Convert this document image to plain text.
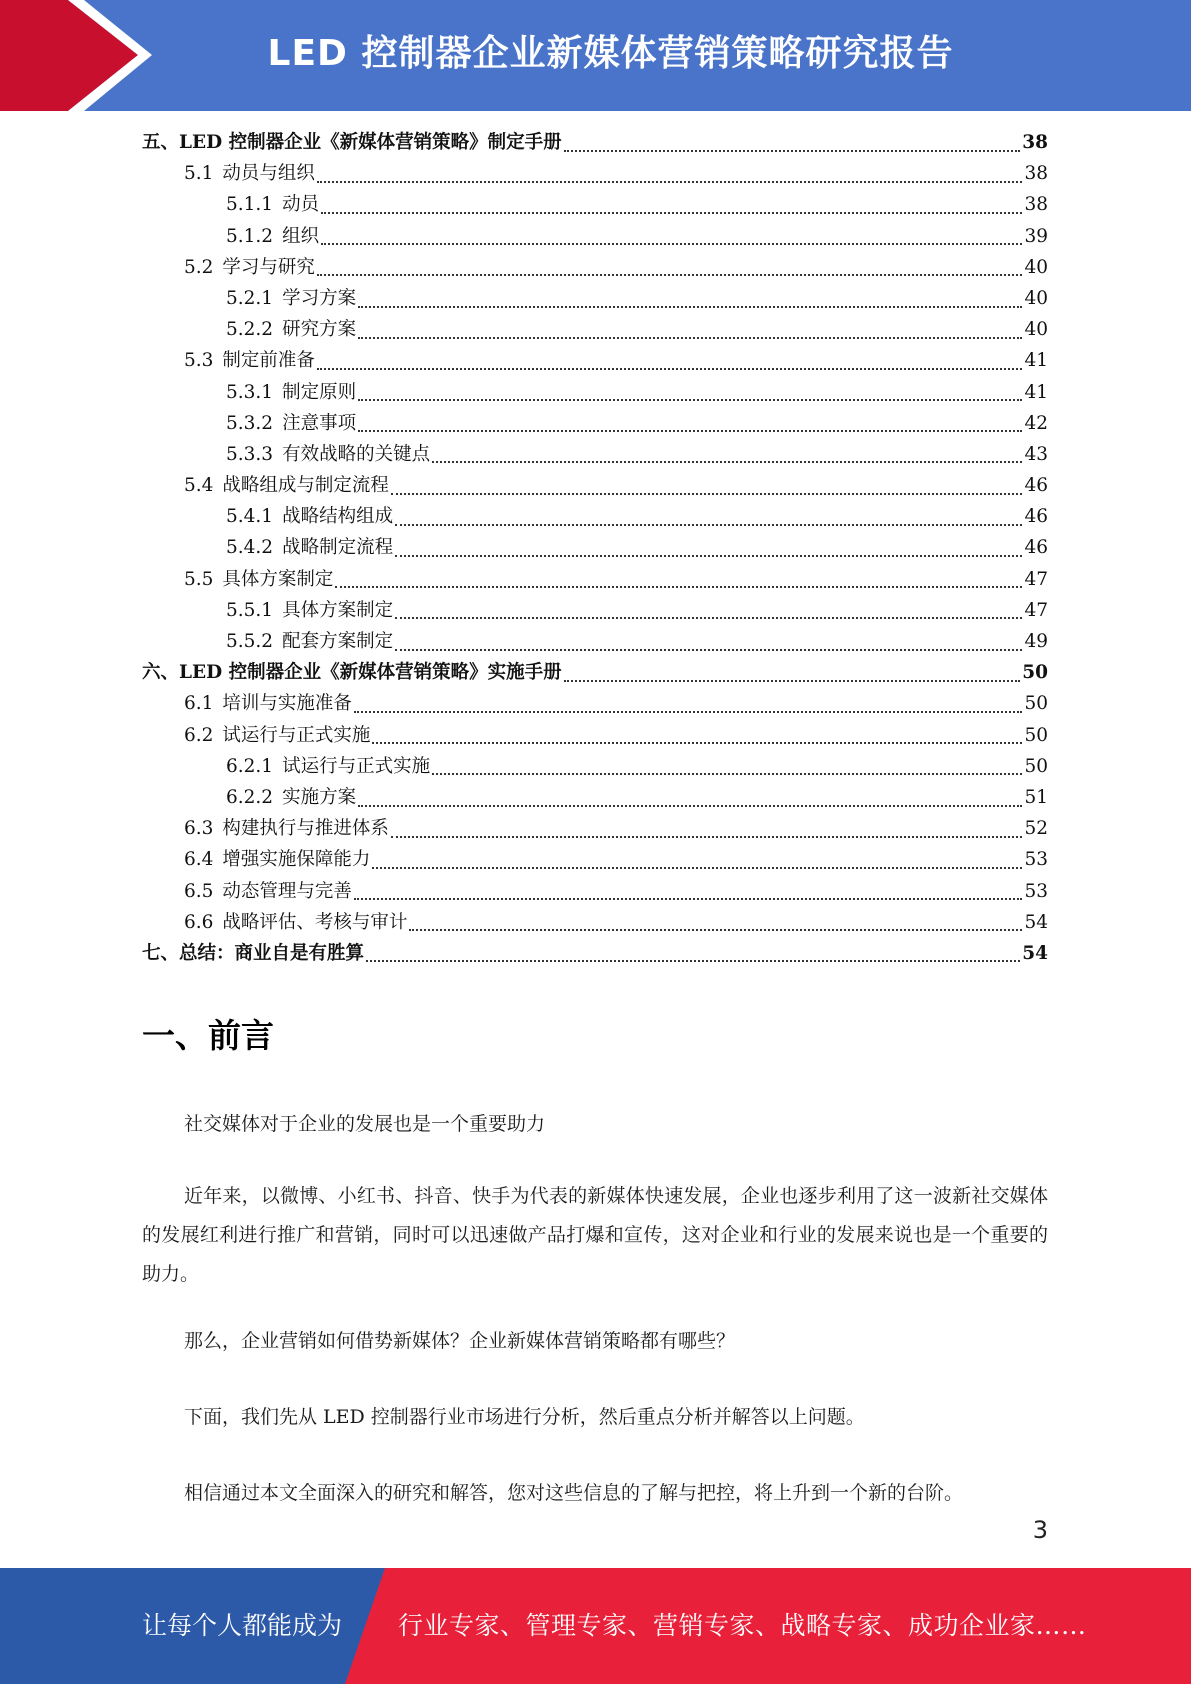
LED 控制器企业新媒体营销策略研究报告
五、LED 控制器企业《新媒体营销策略》制定手册	38
5.1 动员与组织	38
5.1.1 动员	38
5.1.2 组织	39
5.2 学习与研究	40
5.2.1 学习方案	40
5.2.2 研究方案	40
5.3 制定前准备	41
5.3.1 制定原则	41
5.3.2 注意事项	42
5.3.3 有效战略的关键点	43
5.4 战略组成与制定流程	46
5.4.1 战略结构组成	46
5.4.2 战略制定流程	46
5.5 具体方案制定	47
5.5.1 具体方案制定	47
5.5.2 配套方案制定	49
六、LED 控制器企业《新媒体营销策略》实施手册	50
6.1 培训与实施准备	50
6.2 试运行与正式实施	50
6.2.1 试运行与正式实施	50
6.2.2 实施方案	51
6.3 构建执行与推进体系	52
6.4 增强实施保障能力	53
6.5 动态管理与完善	53
6.6 战略评估、考核与审计	54
七、总结：商业自是有胜算	54
一、前言

社交媒体对于企业的发展也是一个重要助力

近年来，以微博、小红书、抖音、快手为代表的新媒体快速发展，企业也逐步利用了这一波新社交媒体的发展红利进行推广和营销，同时可以迅速做产品打爆和宣传，这对企业和行业的发展来说也是一个重要的助力。

那么，企业营销如何借势新媒体？企业新媒体营销策略都有哪些？

下面，我们先从 LED 控制器行业市场进行分析，然后重点分析并解答以上问题。

相信通过本文全面深入的研究和解答，您对这些信息的了解与把控，将上升到一个新的台阶。

3
让每个人都能成为 行业专家、管理专家、营销专家、战略专家、成功企业家……
